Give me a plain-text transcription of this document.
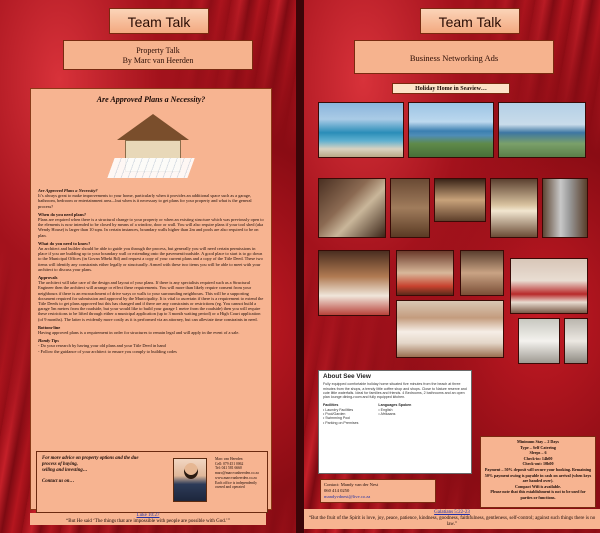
Team Talk
Property Talk
By Marc van Heerden
Are Approved Plans a Necessity?

Are Approved Plans a Necessity?

It’s always great to make improvements to your home, particularly when it provides an additional space such as a garage, bathroom, bedroom or entertainment area—but when is it necessary to get plans for your property and what is the general process?

When do you need plans?

Plans are required when there is a structural change to your property or when an existing structure which was previously open to the elements is now intended to be closed by means of a window, door or wall. You will also require plans if your tool shed (aka Wendy House) is larger than 10 sqm. In certain instances, boundary walls higher than 2m and pools are also required to be on plan.

What do you need to know?

An architect and builder should be able to guide you through the process, but generally you will need certain permissions in place if you are building up to your boundary wall or extending onto the pavement/roadside. A good place to start is to go down to the Municipal Offices (in Govan Mbeki Rd) and request a copy of your current plans and a copy of the Title Deed. These two items will identify any constraints either legally or structurally. Armed with these two items you will be able to meet with your architect to discuss your plans.

Approvals

The architect will take care of the design and layout of your plans. If there is any specialists required such as a Structural Engineer then the architect will arrange or effect these requirements. You will more than likely require consent from your neighbours if there is an encroachment of drive ways or walls to your surrounding neighbours. This will be a supporting document required for submission and approval by the Municipality. It is vital to ascertain if there is a requirement to extend the Title Deeds to get plans approved but this has changed and if there are any constraints or restrictions (eg. You cannot build a garage 5m metres from the roadside, but your would like to build your garage 1 metre from the roadside) then you will require these restrictions to be lifted through either a municipal application (up to 3 month waiting period) or a High Court application (of 9 months). The latter is evidently more costly as it is performed via an attorney, but can alleviate time constraints in need.

Bottom-line

Having approved plans is a requirement in order for structures to remain legal and will apply in the event of a sale.

Handy Tips

- Do your research by having your old plans and your Title Deed in hand
- Follow the guidance of your architect to ensure you comply to building codes
For more advice on property options and the due process of buying,
selling and investing…
Contact us on…
Marc van Heerden
Cell: 079 451 0062
Tel: 041 581 6660
marc@marcvanheerden.co.za
www.marcvanheerden.co.za
Each office is independently
owned and operated
Luke 10:27
“But He said ‘The things that are impossible with people are possible with God.’”
Team Talk
Business Networking Ads
Holiday Home in Seaview…
About See View

Fully equipped comfortable holiday home situated five minutes from the beach at three minutes from the shops, a trendy little coffee shop and shops. Close to Nature reserve and cute little waterfalls. Ideal for families and friends. 4 Bedrooms, 2 bathrooms and an open plan lounge dining-room and fully equipped kitchen.

Facilities
• Laundry Facilities
• Pool/Garden
• Swimming Pool
• Parking on Premises
Languages Spoken
• English
• Afrikaans
Contact: Mandy van der Nest
060 414 0250
mandyvdnest@live.co.za
Minimum Stay – 2 Days
Type – Self Catering
Sleeps – 6
Check-in: 14h00
Check-out: 10h00
Payment – 50% deposit will secure your booking. Remaining 50% payment owing is payable in cash on arrival (when keys are handed over).
Compact Wifi is available.
Please note that this establishment is not to be used for parties or functions.
Galatians 5:22-23
“But the fruit of the Spirit is love, joy, peace, patience, kindness, goodness, faithfulness, gentleness, self-control; against such things there is no law.”
